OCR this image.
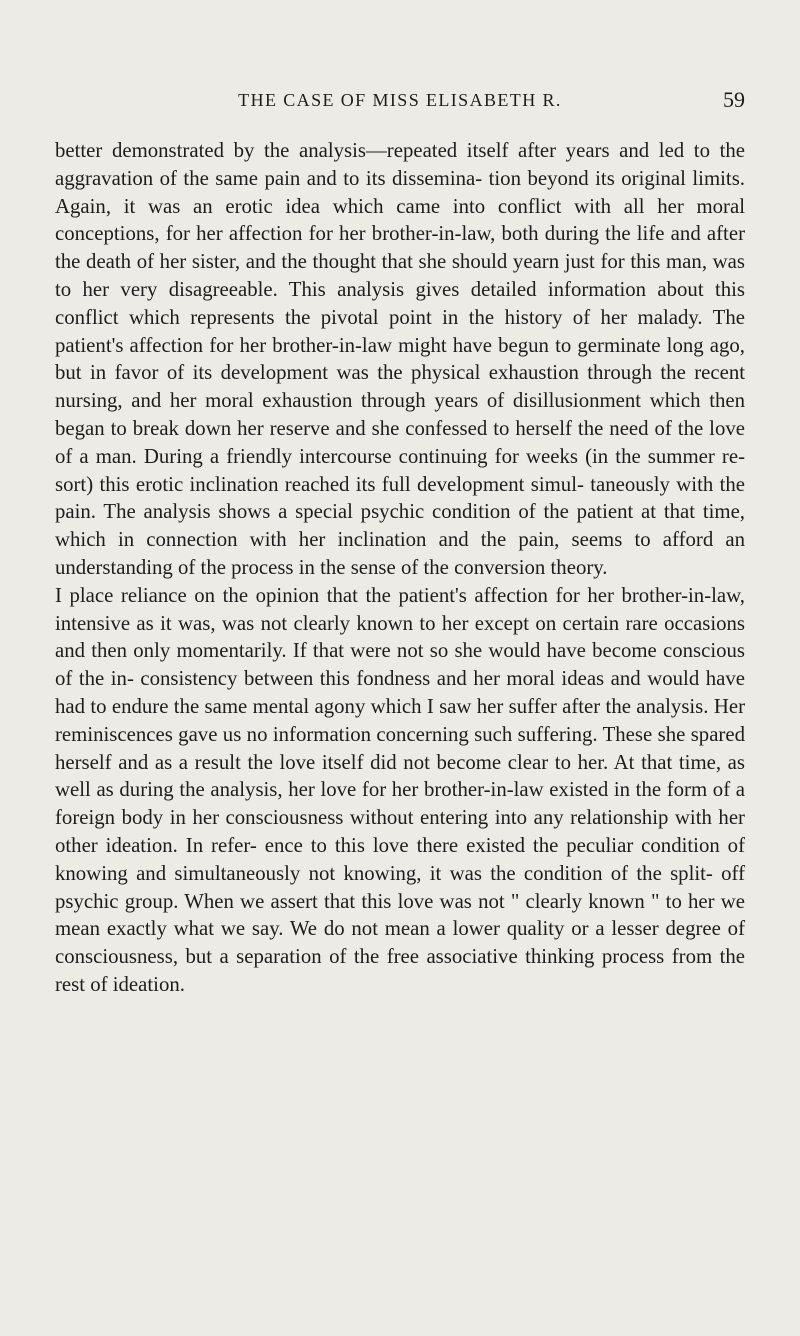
THE CASE OF MISS ELISABETH R.	59

better demonstrated by the analysis—repeated itself after years and led to the aggravation of the same pain and to its dissemina- tion beyond its original limits. Again, it was an erotic idea which came into conflict with all her moral conceptions, for her affection for her brother-in-law, both during the life and after the death of her sister, and the thought that she should yearn just for this man, was to her very disagreeable. This analysis gives detailed information about this conflict which represents the pivotal point in the history of her malady. The patient's affection for her brother-in-law might have begun to germinate long ago, but in favor of its development was the physical exhaustion through the recent nursing, and her moral exhaustion through years of disillusionment which then began to break down her reserve and she confessed to herself the need of the love of a man. During a friendly intercourse continuing for weeks (in the summer re- sort) this erotic inclination reached its full development simul- taneously with the pain. The analysis shows a special psychic condition of the patient at that time, which in connection with her inclination and the pain, seems to afford an understanding of the process in the sense of the conversion theory.

I place reliance on the opinion that the patient's affection for her brother-in-law, intensive as it was, was not clearly known to her except on certain rare occasions and then only momentarily. If that were not so she would have become conscious of the in- consistency between this fondness and her moral ideas and would have had to endure the same mental agony which I saw her suffer after the analysis. Her reminiscences gave us no information concerning such suffering. These she spared herself and as a result the love itself did not become clear to her. At that time, as well as during the analysis, her love for her brother-in-law existed in the form of a foreign body in her consciousness without entering into any relationship with her other ideation. In refer- ence to this love there existed the peculiar condition of knowing and simultaneously not knowing, it was the condition of the split- off psychic group. When we assert that this love was not " clearly known " to her we mean exactly what we say. We do not mean a lower quality or a lesser degree of consciousness, but a separation of the free associative thinking process from the rest of ideation.
